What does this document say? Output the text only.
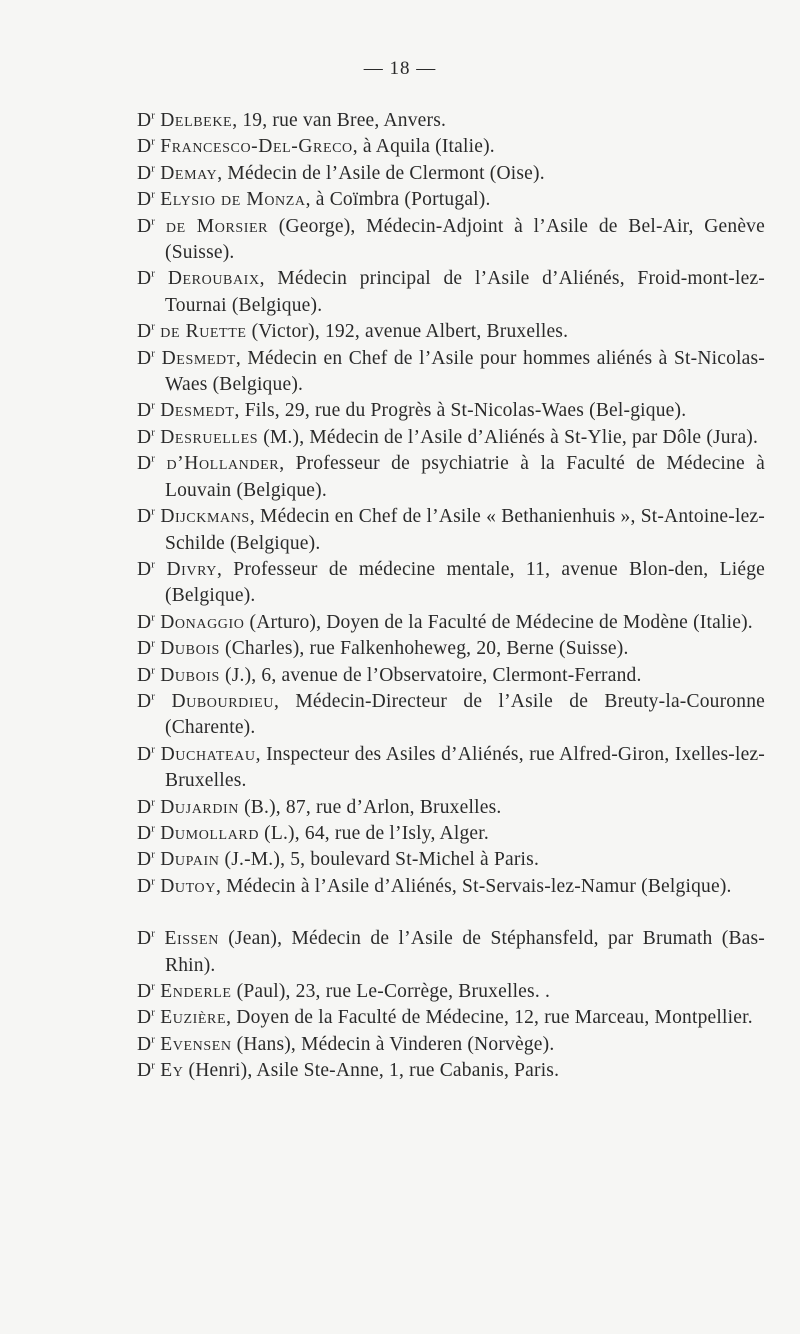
— 18 —

$D^r$ Delbeke, 19, rue van Bree, Anvers.

$D^r$ Francesco-Del-Greco, à Aquila (Italie).

$D^r$ Demay, Médecin de l’Asile de Clermont (Oise).

$D^r$ Elysio de Monza, à Coïmbra (Portugal).

$D^r$ de Morsier (George), Médecin-Adjoint à l’Asile de Bel-Air, Genève (Suisse).

$D^r$ Deroubaix, Médecin principal de l’Asile d’Aliénés, Froid-mont-lez-Tournai (Belgique).

$D^r$ de Ruette (Victor), 192, avenue Albert, Bruxelles.

$D^r$ Desmedt, Médecin en Chef de l’Asile pour hommes aliénés à St-Nicolas-Waes (Belgique).

$D^r$ Desmedt, Fils, 29, rue du Progrès à St-Nicolas-Waes (Bel-gique).

$D^r$ Desruelles (M.), Médecin de l’Asile d’Aliénés à St-Ylie, par Dôle (Jura).

$D^r$ d’Hollander, Professeur de psychiatrie à la Faculté de Médecine à Louvain (Belgique).

$D^r$ Dijckmans, Médecin en Chef de l’Asile « Bethanienhuis », St-Antoine-lez-Schilde (Belgique).

$D^r$ Divry, Professeur de médecine mentale, 11, avenue Blon-den, Liége (Belgique).

$D^r$ Donaggio (Arturo), Doyen de la Faculté de Médecine de Modène (Italie).

$D^r$ Dubois (Charles), rue Falkenhoheweg, 20, Berne (Suisse).

$D^r$ Dubois (J.), 6, avenue de l’Observatoire, Clermont-Ferrand.

$D^r$ Dubourdieu, Médecin-Directeur de l’Asile de Breuty-la-Couronne (Charente).

$D^r$ Duchateau, Inspecteur des Asiles d’Aliénés, rue Alfred-Giron, Ixelles-lez-Bruxelles.

$D^r$ Dujardin (B.), 87, rue d’Arlon, Bruxelles.

$D^r$ Dumollard (L.), 64, rue de l’Isly, Alger.

$D^r$ Dupain (J.-M.), 5, boulevard St-Michel à Paris.

$D^r$ Dutoy, Médecin à l’Asile d’Aliénés, St-Servais-lez-Namur (Belgique).

$D^r$ Eissen (Jean), Médecin de l’Asile de Stéphansfeld, par Brumath (Bas-Rhin).

$D^r$ Enderle (Paul), 23, rue Le-Corrège, Bruxelles. .

$D^r$ Euzière, Doyen de la Faculté de Médecine, 12, rue Marceau, Montpellier.

$D^r$ Evensen (Hans), Médecin à Vinderen (Norvège).

$D^r$ Ey (Henri), Asile Ste-Anne, 1, rue Cabanis, Paris.
